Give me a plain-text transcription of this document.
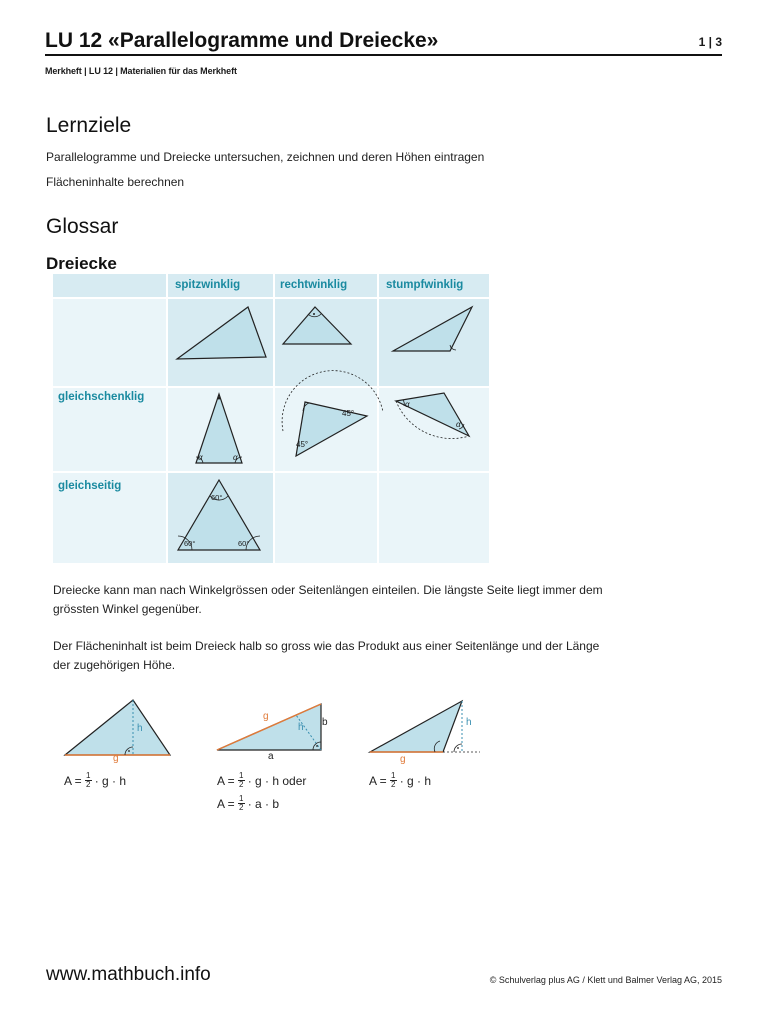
LU 12 «Parallelogramme und Dreiecke»	1 | 3
Merkheft | LU 12 | Materialien für das Merkheft
Lernziele
Parallelogramme und Dreiecke untersuchen, zeichnen und deren Höhen eintragen
Flächeninhalte berechnen
Glossar
Dreiecke
spitzwinklig	rechtwinklig	stumpfwinklig
gleichschenklig
gleichseitig
α	α
45°
45°
α
α
60°
60°	60°
Dreiecke kann man nach Winkelgrössen oder Seitenlängen einteilen. Die längste Seite liegt immer dem grössten Winkel gegenüber.
Der Flächeninhalt ist beim Dreieck halb so gross wie das Produkt aus einer Seitenlänge und der Länge der zugehörigen Höhe.
h
g
g
h b
a
h
g
$A = \frac{1}{2} \cdot g \cdot h$	$A = \frac{1}{2} \cdot g \cdot h$ oder
$A = \frac{1}{2} \cdot a \cdot b$
$A = \frac{1}{2} \cdot g \cdot h$
www.mathbuch.info	© Schulverlag plus AG / Klett und Balmer Verlag AG, 2015
